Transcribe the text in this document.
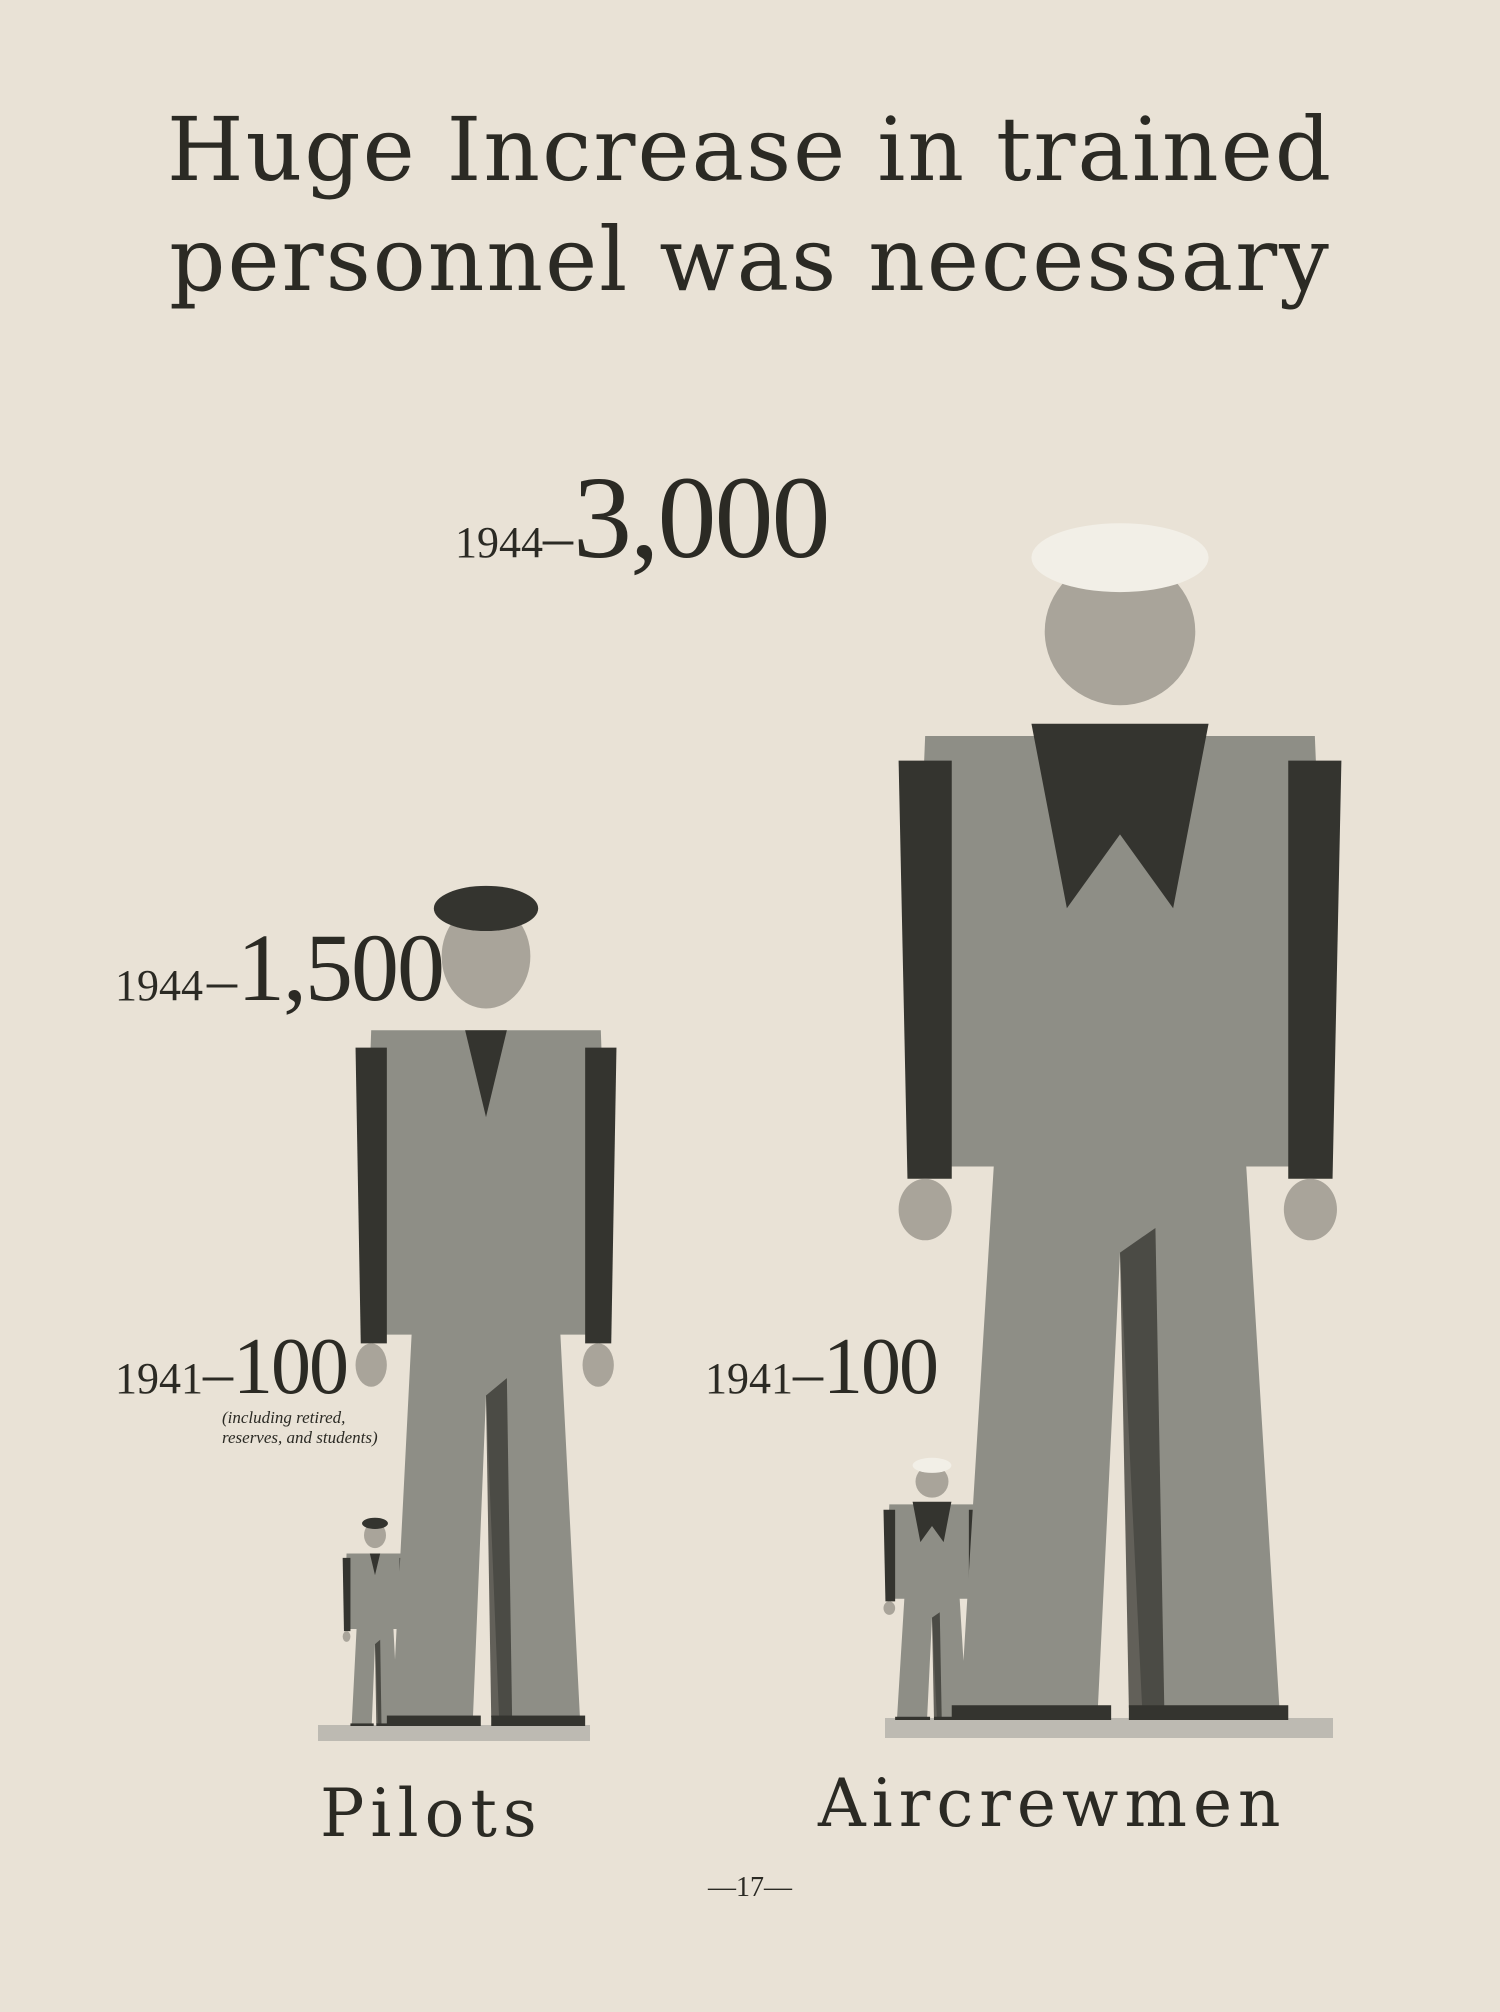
Huge Increase in trained
personnel was necessary
1944 –1,500
1941–100
(including retired, reserves, and students)
1944–3,000
1941–100
Pilots	Aircrewmen
—17—
